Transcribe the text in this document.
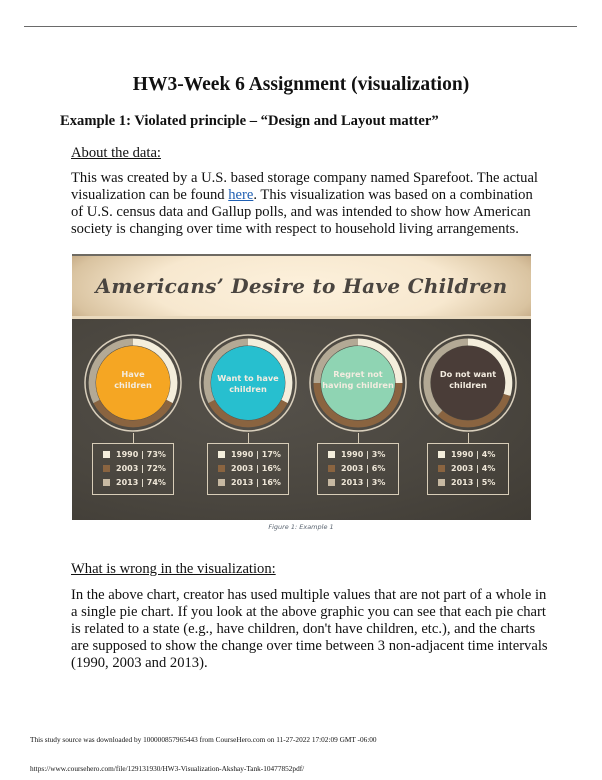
HW3-Week 6 Assignment (visualization)
Example 1: Violated principle – “Design and Layout matter”
About the data:
This was created by a U.S. based storage company named Sparefoot. The actual visualization can be found here. This visualization was based on a combination of U.S. census data and Gallup polls, and was intended to show how American society is changing over time with respect to household living arrangements.
Americans’ Desire to Have Children
Have
children
1990 | 73%
2003 | 72%
2013 | 74%
Want to have
children
1990 | 17%
2003 | 16%
2013 | 16%
Regret not
having children
1990 | 3%
2003 | 6%
2013 | 3%
Do not want
children
1990 | 4%
2003 | 4%
2013 | 5%
Figure 1: Example 1
What is wrong in the visualization:
In the above chart, creator has used multiple values that are not part of a whole in a single pie chart. If you look at the above graphic you can see that each pie chart is related to a state (e.g., have children, don't have children, etc.), and the charts are supposed to show the change over time between 3 non-adjacent time intervals (1990, 2003 and 2013).
This study source was downloaded by 100000857965443 from CourseHero.com on 11-27-2022 17:02:09 GMT -06:00
https://www.coursehero.com/file/129131930/HW3-Visualization-Akshay-Tank-10477852pdf/
